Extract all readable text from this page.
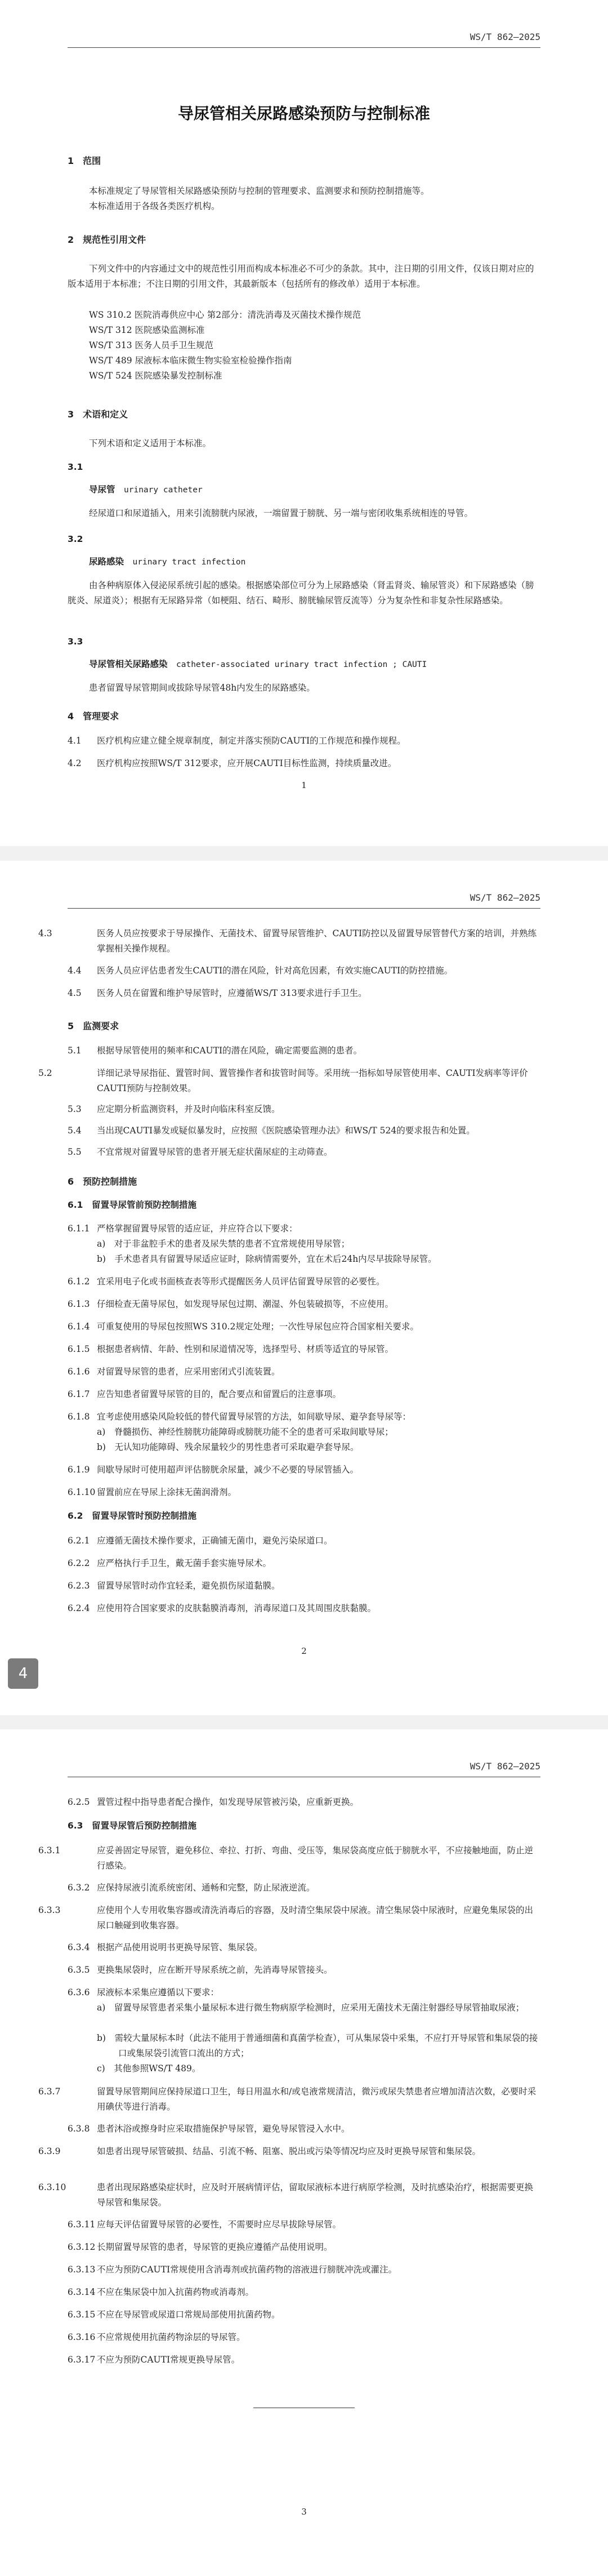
WS/T 862—2025
导尿管相关尿路感染预防与控制标准
1　范围
本标准规定了导尿管相关尿路感染预防与控制的管理要求、监测要求和预防控制措施等。
本标准适用于各级各类医疗机构。
2　规范性引用文件
下列文件中的内容通过文中的规范性引用而构成本标准必不可少的条款。其中，注日期的引用文件，仅该日期对应的版本适用于本标准；不注日期的引用文件，其最新版本（包括所有的修改单）适用于本标准。
WS 310.2 医院消毒供应中心 第2部分：清洗消毒及灭菌技术操作规范
WS/T 312 医院感染监测标准
WS/T 313 医务人员手卫生规范
WS/T 489 尿液标本临床微生物实验室检验操作指南
WS/T 524 医院感染暴发控制标准
3　术语和定义
下列术语和定义适用于本标准。
3.1
导尿管  urinary catheter
经尿道口和尿道插入，用来引流膀胱内尿液，一端留置于膀胱、另一端与密闭收集系统相连的导管。
3.2
尿路感染  urinary tract infection
由各种病原体入侵泌尿系统引起的感染。根据感染部位可分为上尿路感染（肾盂肾炎、输尿管炎）和下尿路感染（膀胱炎、尿道炎）；根据有无尿路异常（如梗阻、结石、畸形、膀胱输尿管反流等）分为复杂性和非复杂性尿路感染。
3.3
导尿管相关尿路感染  catheter-associated urinary tract infection ; CAUTI
患者留置导尿管期间或拔除导尿管48h内发生的尿路感染。
4　管理要求
4.1 医疗机构应建立健全规章制度，制定并落实预防CAUTI的工作规范和操作规程。
4.2 医疗机构应按照WS/T 312要求，应开展CAUTI目标性监测，持续质量改进。
1
WS/T 862—2025
4.3	医务人员应按要求于导尿操作、无菌技术、留置导尿管维护、CAUTI防控以及留置导尿管替代方案的培训，并熟练掌握相关操作规程。
4.4 医务人员应评估患者发生CAUTI的潜在风险，针对高危因素，有效实施CAUTI的防控措施。
4.5 医务人员在留置和维护导尿管时，应遵循WS/T 313要求进行手卫生。
5　监测要求
5.1 根据导尿管使用的频率和CAUTI的潜在风险，确定需要监测的患者。
5.2	详细记录导尿指征、置管时间、置管操作者和拔管时间等。采用统一指标如导尿管使用率、CAUTI发病率等评价CAUTI预防与控制效果。
5.3 应定期分析监测资料，并及时向临床科室反馈。
5.4 当出现CAUTI暴发或疑似暴发时，应按照《医院感染管理办法》和WS/T 524的要求报告和处置。
5.5 不宜常规对留置导尿管的患者开展无症状菌尿症的主动筛查。
6　预防控制措施
6.1　留置导尿管前预防控制措施
6.1.1 严格掌握留置导尿管的适应证，并应符合以下要求：
a)　对于非盆腔手术的患者及尿失禁的患者不宜常规使用导尿管；
b)　手术患者具有留置导尿适应证时，除病情需要外，宜在术后24h内尽早拔除导尿管。
6.1.2 宜采用电子化或书面核查表等形式提醒医务人员评估留置导尿管的必要性。
6.1.3 仔细检查无菌导尿包，如发现导尿包过期、潮湿、外包装破损等，不应使用。
6.1.4 可重复使用的导尿包按照WS 310.2规定处理；一次性导尿包应符合国家相关要求。
6.1.5 根据患者病情、年龄、性别和尿道情况等，选择型号、材质等适宜的导尿管。
6.1.6 对留置导尿管的患者，应采用密闭式引流装置。
6.1.7 应告知患者留置导尿管的目的，配合要点和留置后的注意事项。
6.1.8 宜考虑使用感染风险较低的替代留置导尿管的方法，如间歇导尿、避孕套导尿等：
a)　脊髓损伤、神经性膀胱功能障碍或膀胱功能不全的患者可采取间歇导尿；
b)　无认知功能障碍、残余尿量较少的男性患者可采取避孕套导尿。
6.1.9 间歇导尿时可使用超声评估膀胱余尿量，减少不必要的导尿管插入。
6.1.10 留置前应在导尿上涂抹无菌润滑剂。
6.2　留置导尿管时预防控制措施
6.2.1 应遵循无菌技术操作要求，正确铺无菌巾，避免污染尿道口。
6.2.2 应严格执行手卫生，戴无菌手套实施导尿术。
6.2.3 留置导尿管时动作宜轻柔，避免损伤尿道黏膜。
6.2.4 应使用符合国家要求的皮肤黏膜消毒剂，消毒尿道口及其周围皮肤黏膜。
2
4
WS/T 862—2025
6.2.5 置管过程中指导患者配合操作，如发现导尿管被污染，应重新更换。
6.3　留置导尿管后预防控制措施
6.3.1	应妥善固定导尿管，避免移位、牵拉、打折、弯曲、受压等，集尿袋高度应低于膀胱水平，不应接触地面，防止逆行感染。
6.3.2 应保持尿液引流系统密闭、通畅和完整，防止尿液逆流。
6.3.3	应使用个人专用收集容器或清洗消毒后的容器，及时清空集尿袋中尿液。清空集尿袋中尿液时，应避免集尿袋的出尿口触碰到收集容器。
6.3.4 根据产品使用说明书更换导尿管、集尿袋。
6.3.5 更换集尿袋时，应在断开导尿系统之前，先消毒导尿管接头。
6.3.6 尿液标本采集应遵循以下要求：
a)　留置导尿管患者采集小量尿标本进行微生物病原学检测时，应采用无菌技术无菌注射器经导尿管抽取尿液；
b)　需较大量尿标本时（此法不能用于普通细菌和真菌学检查），可从集尿袋中采集，不应打开导尿管和集尿袋的接口或集尿袋引流管口流出的方式；
c)　其他参照WS/T 489。
6.3.7	留置导尿管期间应保持尿道口卫生，每日用温水和/或皂液常规清洁，微污或尿失禁患者应增加清洁次数，必要时采用碘伏等进行消毒。
6.3.8 患者沐浴或擦身时应采取措施保护导尿管，避免导尿管浸入水中。
6.3.9	如患者出现导尿管破损、结晶、引流不畅、阻塞、脱出或污染等情况均应及时更换导尿管和集尿袋。
6.3.10	患者出现尿路感染症状时，应及时开展病情评估，留取尿液标本进行病原学检测，及时抗感染治疗，根据需要更换导尿管和集尿袋。
6.3.11 应每天评估留置导尿管的必要性，不需要时应尽早拔除导尿管。
6.3.12 长期留置导尿管的患者，导尿管的更换应遵循产品使用说明。
6.3.13 不应为预防CAUTI常规使用含消毒剂或抗菌药物的溶液进行膀胱冲洗或灌注。
6.3.14 不应在集尿袋中加入抗菌药物或消毒剂。
6.3.15 不应在导尿管或尿道口常规局部使用抗菌药物。
6.3.16 不应常规使用抗菌药物涂层的导尿管。
6.3.17 不应为预防CAUTI常规更换导尿管。
3
